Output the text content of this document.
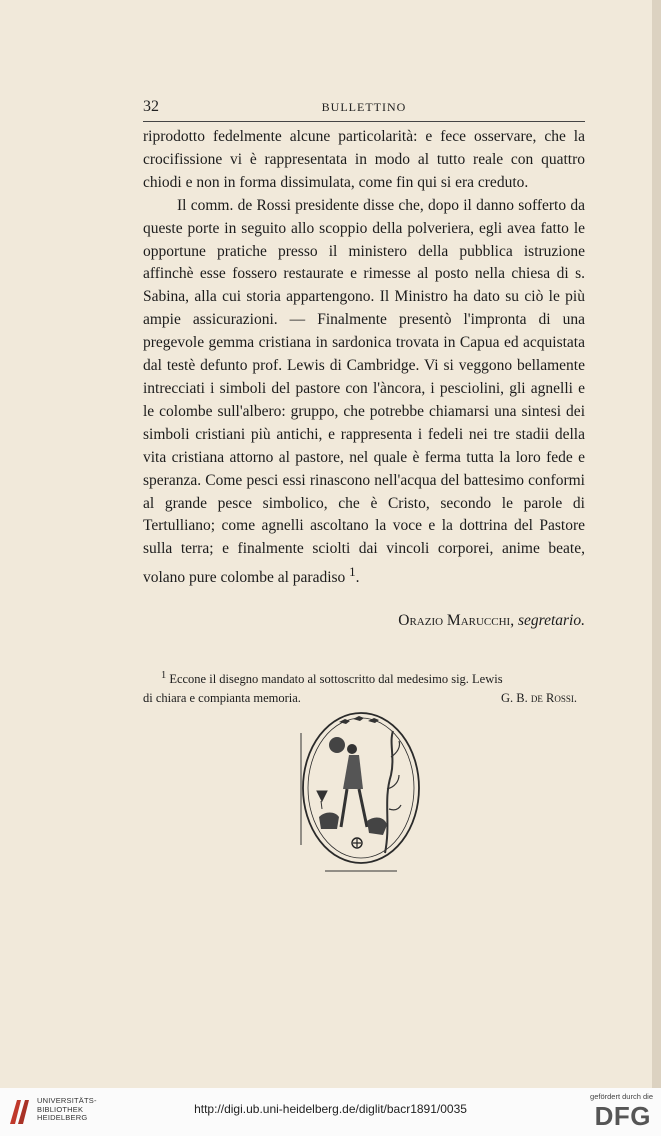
32	BULLETTINO

riprodotto fedelmente alcune particolarità: e fece osservare, che la crocifissione vi è rappresentata in modo al tutto reale con quattro chiodi e non in forma dissimulata, come fin qui si era creduto.

Il comm. de Rossi presidente disse che, dopo il danno sofferto da queste porte in seguito allo scoppio della polveriera, egli avea fatto le opportune pratiche presso il ministero della pubblica istruzione affinchè esse fossero restaurate e rimesse al posto nella chiesa di s. Sabina, alla cui storia appartengono. Il Ministro ha dato su ciò le più ampie assicurazioni. — Finalmente presentò l'impronta di una pregevole gemma cristiana in sardonica trovata in Capua ed acquistata dal testè defunto prof. Lewis di Cambridge. Vi si veggono bellamente intrecciati i simboli del pastore con l'àncora, i pesciolini, gli agnelli e le colombe sull'albero: gruppo, che potrebbe chiamarsi una sintesi dei simboli cristiani più antichi, e rappresenta i fedeli nei tre stadii della vita cristiana attorno al pastore, nel quale è ferma tutta la loro fede e speranza. Come pesci essi rinascono nell'acqua del battesimo conformi al grande pesce simbolico, che è Cristo, secondo le parole di Tertulliano; come agnelli ascoltano la voce e la dottrina del Pastore sulla terra; e finalmente sciolti dai vincoli corporei, anime beate, volano pure colombe al paradiso $^1$.

Orazio Marucchi, segretario.

$^1$ Eccone il disegno mandato al sottoscritto dal medesimo sig. Lewis

di chiara e compianta memoria.	G. B. de Rossi.
UNIVERSITÄTS-
BIBLIOTHEK
HEIDELBERG
http://digi.ub.uni-heidelberg.de/diglit/bacr1891/0035
gefördert durch die
DFG
